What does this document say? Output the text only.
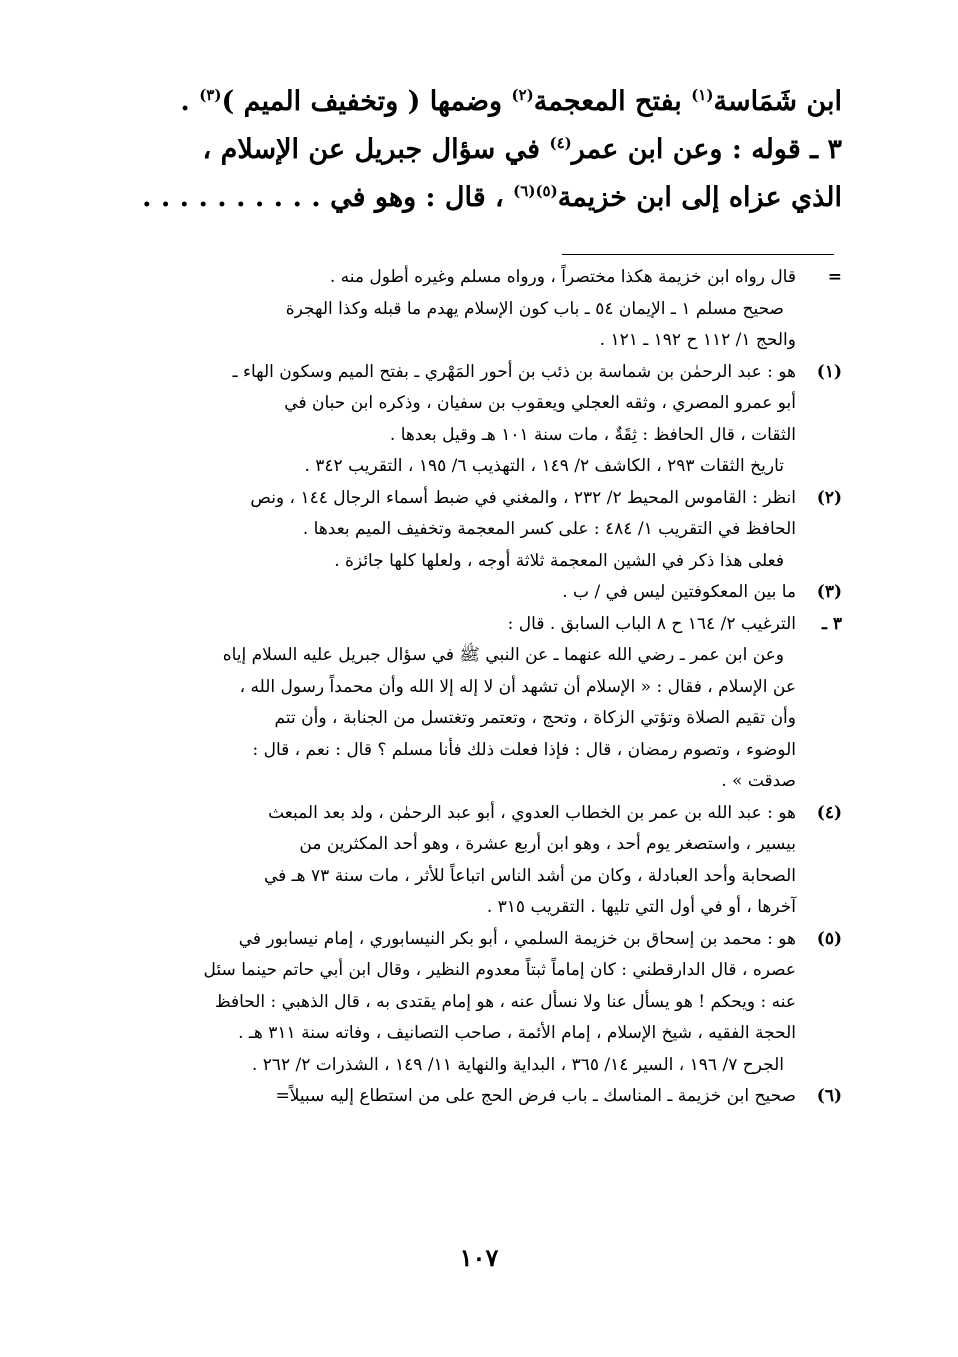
ابن شَمَاسة$^{(١)}$ بفتح المعجمة$^{(٢)}$ وضمها ( وتخفيف الميم )$^{(٣)}$ .

٣ ـ قوله : وعن ابن عمر$^{(٤)}$ في سؤال جبريل عن الإسلام ،

الذي عزاه إلى ابن خزيمة$^{(٥)(٦)}$ ، قال : وهو في . . . . . . . . . .

=
قال رواه ابن خزيمة هكذا مختصراً ، ورواه مسلم وغيره أطول منه .
صحيح مسلم ١ ـ الإيمان ٥٤ ـ باب كون الإسلام يهدم ما قبله وكذا الهجرة
والحج ١/ ١١٢ ح ١٩٢ ـ ١٢١ .
(١)
هو : عبد الرحمٰن بن شماسة بن ذئب بن أحور المَهْري ـ بفتح الميم وسكون الهاء ـ
أبو عمرو المصري ، وثقه العجلي ويعقوب بن سفيان ، وذكره ابن حبان في
الثقات ، قال الحافظ : ثِقَةٌ ، مات سنة ١٠١ هـ وقيل بعدها .
تاريخ الثقات ٢٩٣ ، الكاشف ٢/ ١٤٩ ، التهذيب ٦/ ١٩٥ ، التقريب ٣٤٢ .
(٢)
انظر : القاموس المحيط ٢/ ٢٣٢ ، والمغني في ضبط أسماء الرجال ١٤٤ ، ونص
الحافظ في التقريب ١/ ٤٨٤ : على كسر المعجمة وتخفيف الميم بعدها .
فعلى هذا ذكر في الشين المعجمة ثلاثة أوجه ، ولعلها كلها جائزة .
(٣)
ما بين المعكوفتين ليس في / ب .
٣ ـ
الترغيب ٢/ ١٦٤ ح ٨ الباب السابق . قال :
وعن ابن عمر ـ رضي الله عنهما ـ عن النبي ﷺ في سؤال جبريل عليه السلام إياه
عن الإسلام ، فقال : « الإسلام أن تشهد أن لا إله إلا الله وأن محمداً رسول الله ،
وأن تقيم الصلاة وتؤتي الزكاة ، وتحج ، وتعتمر وتغتسل من الجنابة ، وأن تتم
الوضوء ، وتصوم رمضان ، قال : فإذا فعلت ذلك فأنا مسلم ؟ قال : نعم ، قال :
صدقت » .
(٤)
هو : عبد الله بن عمر بن الخطاب العدوي ، أبو عبد الرحمٰن ، ولد بعد المبعث
بيسير ، واستصغر يوم أحد ، وهو ابن أربع عشرة ، وهو أحد المكثرين من
الصحابة وأحد العبادلة ، وكان من أشد الناس اتباعاً للأثر ، مات سنة ٧٣ هـ في
آخرها ، أو في أول التي تليها . التقريب ٣١٥ .
(٥)
هو : محمد بن إسحاق بن خزيمة السلمي ، أبو بكر النيسابوري ، إمام نيسابور في
عصره ، قال الدارقطني : كان إماماً ثبتاً معدوم النظير ، وقال ابن أبي حاتم حينما سئل
عنه : ويحكم ! هو يسأل عنا ولا نسأل عنه ، هو إمام يقتدى به ، قال الذهبي : الحافظ
الحجة الفقيه ، شيخ الإسلام ، إمام الأئمة ، صاحب التصانيف ، وفاته سنة ٣١١ هـ .
الجرح ٧/ ١٩٦ ، السير ١٤/ ٣٦٥ ، البداية والنهاية ١١/ ١٤٩ ، الشذرات ٢/ ٢٦٢ .
(٦)
صحيح ابن خزيمة ـ المناسك ـ باب فرض الحج على من استطاع إليه سبيلاً=
١٠٧
